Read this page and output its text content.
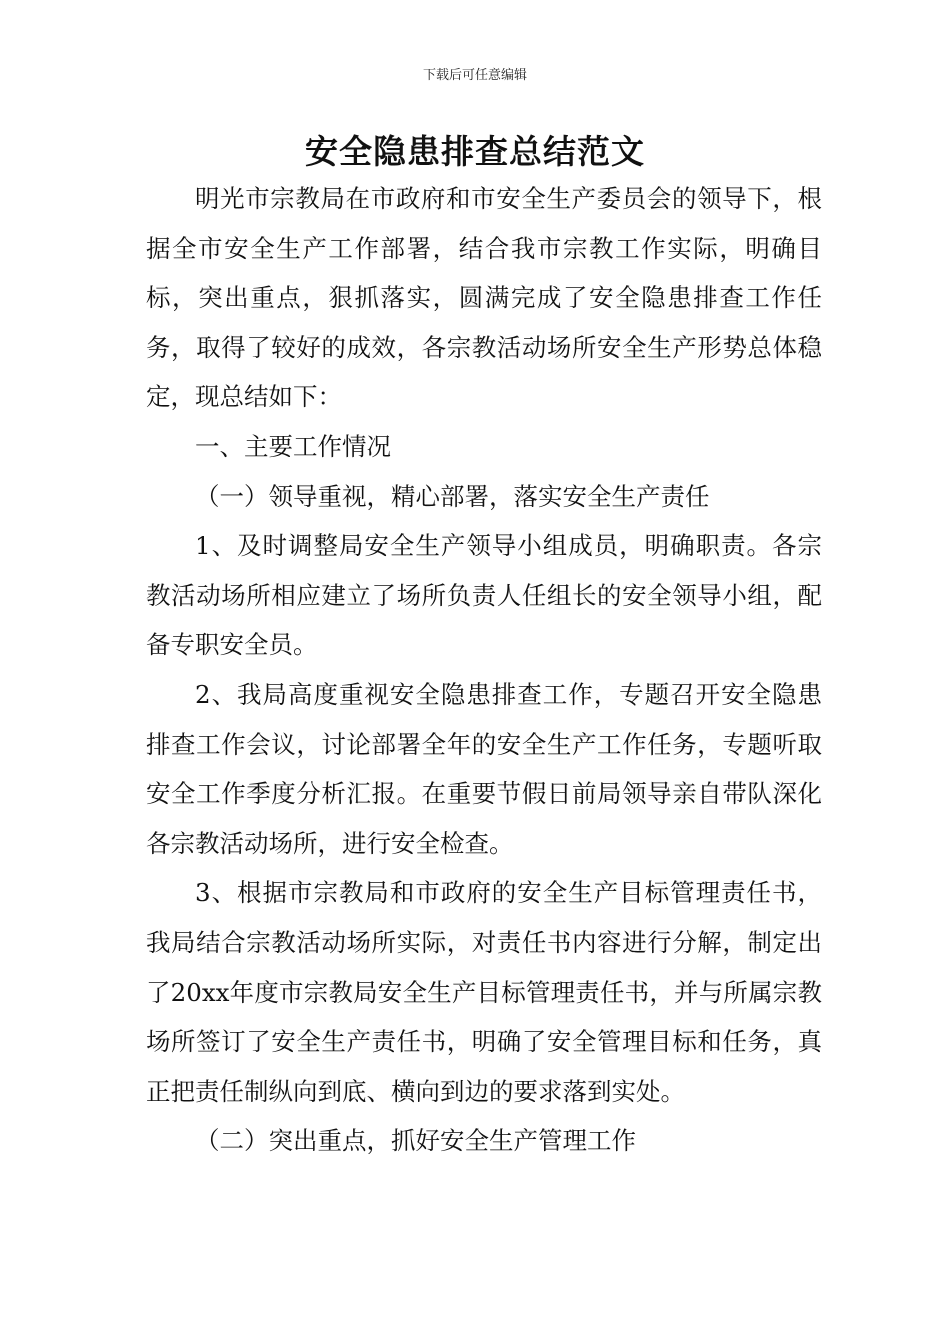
下载后可任意编辑
安全隐患排查总结范文

明光市宗教局在市政府和市安全生产委员会的领导下，根据全市安全生产工作部署，结合我市宗教工作实际，明确目标，突出重点，狠抓落实，圆满完成了安全隐患排查工作任务，取得了较好的成效，各宗教活动场所安全生产形势总体稳定，现总结如下：

一、主要工作情况

（一）领导重视，精心部署，落实安全生产责任

1、及时调整局安全生产领导小组成员，明确职责。各宗教活动场所相应建立了场所负责人任组长的安全领导小组，配备专职安全员。

2、我局高度重视安全隐患排查工作，专题召开安全隐患排查工作会议，讨论部署全年的安全生产工作任务，专题听取安全工作季度分析汇报。在重要节假日前局领导亲自带队深化各宗教活动场所，进行安全检查。

3、根据市宗教局和市政府的安全生产目标管理责任书，我局结合宗教活动场所实际，对责任书内容进行分解，制定出了20xx年度市宗教局安全生产目标管理责任书，并与所属宗教场所签订了安全生产责任书，明确了安全管理目标和任务，真正把责任制纵向到底、横向到边的要求落到实处。

（二）突出重点，抓好安全生产管理工作
